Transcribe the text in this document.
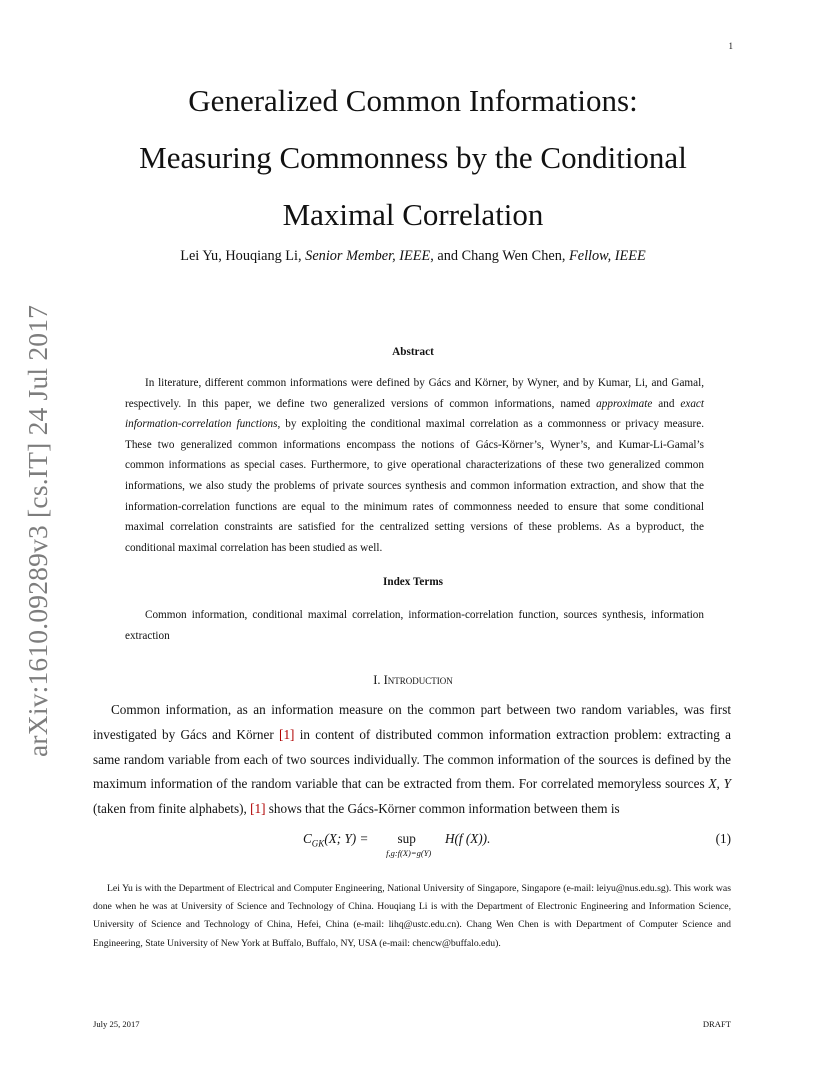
1
arXiv:1610.09289v3 [cs.IT] 24 Jul 2017
Generalized Common Informations:
Measuring Commonness by the Conditional
Maximal Correlation
Lei Yu, Houqiang Li, Senior Member, IEEE, and Chang Wen Chen, Fellow, IEEE
Abstract

In literature, different common informations were defined by Gács and Körner, by Wyner, and by Kumar, Li, and Gamal, respectively. In this paper, we define two generalized versions of common informations, named approximate and exact information-correlation functions, by exploiting the conditional maximal correlation as a commonness or privacy measure. These two generalized common informations encompass the notions of Gács-Körner’s, Wyner’s, and Kumar-Li-Gamal’s common informations as special cases. Furthermore, to give operational characterizations of these two generalized common informations, we also study the problems of private sources synthesis and common information extraction, and show that the information-correlation functions are equal to the minimum rates of commonness needed to ensure that some conditional maximal correlation constraints are satisfied for the centralized setting versions of these problems. As a byproduct, the conditional maximal correlation has been studied as well.

Index Terms

Common information, conditional maximal correlation, information-correlation function, sources synthesis, information extraction

I. Introduction

Common information, as an information measure on the common part between two random variables, was first investigated by Gács and Körner [1] in content of distributed common information extraction problem: extracting a same random variable from each of two sources individually. The common information of the sources is defined by the maximum information of the random variable that can be extracted from them. For correlated memoryless sources X, Y (taken from finite alphabets), [1] shows that the Gács-Körner common information between them is

$C_{GK}(X$; Y) = sup
f,g:f(X)=g(Y)
H(f (X)).	(1)

Lei Yu is with the Department of Electrical and Computer Engineering, National University of Singapore, Singapore (e-mail: leiyu@nus.edu.sg). This work was done when he was at University of Science and Technology of China. Houqiang Li is with the Department of Electronic Engineering and Information Science, University of Science and Technology of China, Hefei, China (e-mail: lihq@ustc.edu.cn). Chang Wen Chen is with Department of Computer Science and Engineering, State University of New York at Buffalo, Buffalo, NY, USA (e-mail: chencw@buffalo.edu).

July 25, 2017	DRAFT
